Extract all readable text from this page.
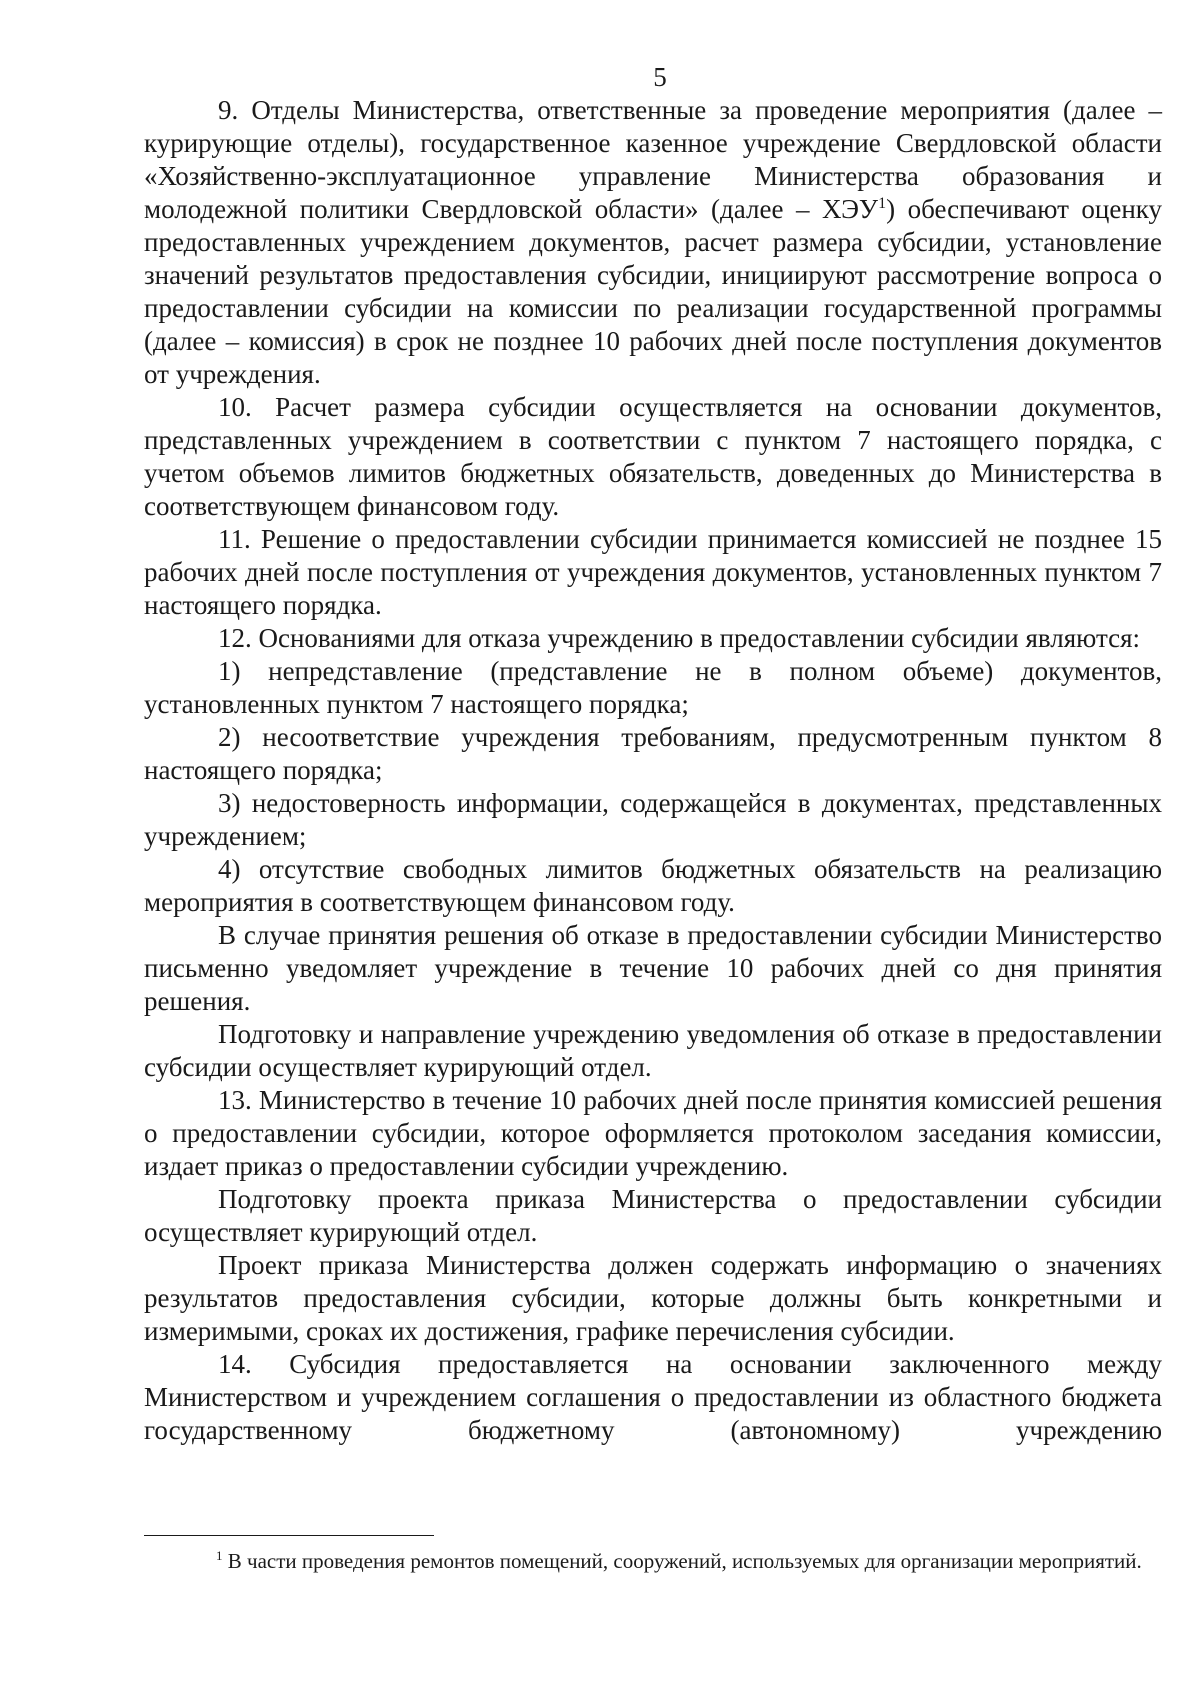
5

9. Отделы Министерства, ответственные за проведение мероприятия (далее – курирующие отделы), государственное казенное учреждение Свердловской области «Хозяйственно-эксплуатационное управление Министерства образования и молодежной политики Свердловской области» (далее – ХЭУ$^1$) обеспечивают оценку предоставленных учреждением документов, расчет размера субсидии, установление значений результатов предоставления субсидии, инициируют рассмотрение вопроса о предоставлении субсидии на комиссии по реализации государственной программы (далее – комиссия) в срок не позднее 10 рабочих дней после поступления документов от учреждения.

10. Расчет размера субсидии осуществляется на основании документов, представленных учреждением в соответствии с пунктом 7 настоящего порядка, с учетом объемов лимитов бюджетных обязательств, доведенных до Министерства в соответствующем финансовом году.

11. Решение о предоставлении субсидии принимается комиссией не позднее 15 рабочих дней после поступления от учреждения документов, установленных пунктом 7 настоящего порядка.

12. Основаниями для отказа учреждению в предоставлении субсидии являются:

1) непредставление (представление не в полном объеме) документов, установленных пунктом 7 настоящего порядка;

2) несоответствие учреждения требованиям, предусмотренным пунктом 8 настоящего порядка;

3) недостоверность информации, содержащейся в документах, представленных учреждением;

4) отсутствие свободных лимитов бюджетных обязательств на реализацию мероприятия в соответствующем финансовом году.

В случае принятия решения об отказе в предоставлении субсидии Министерство письменно уведомляет учреждение в течение 10 рабочих дней со дня принятия решения.

Подготовку и направление учреждению уведомления об отказе в предоставлении субсидии осуществляет курирующий отдел.

13. Министерство в течение 10 рабочих дней после принятия комиссией решения о предоставлении субсидии, которое оформляется протоколом заседания комиссии, издает приказ о предоставлении субсидии учреждению.

Подготовку проекта приказа Министерства о предоставлении субсидии осуществляет курирующий отдел.

Проект приказа Министерства должен содержать информацию о значениях результатов предоставления субсидии, которые должны быть конкретными и измеримыми, сроках их достижения, графике перечисления субсидии.

14. Субсидия предоставляется на основании заключенного между Министерством и учреждением соглашения о предоставлении из областного бюджета государственному бюджетному (автономному) учреждению

$^1$ В части проведения ремонтов помещений, сооружений, используемых для организации мероприятий.
